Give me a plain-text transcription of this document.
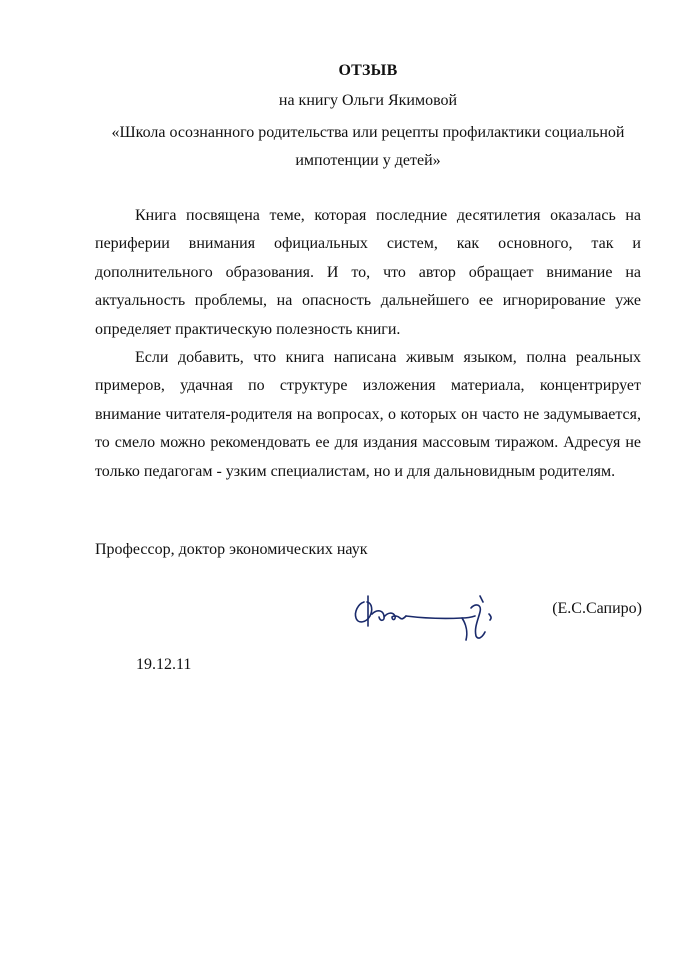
ОТЗЫВ
на книгу Ольги Якимовой
«Школа осознанного родительства или рецепты профилактики социальной импотенции у детей»

Книга посвящена теме, которая последние десятилетия оказалась на периферии внимания официальных систем, как основного, так и дополнительного образования. И то, что автор обращает внимание на актуальность проблемы, на опасность дальнейшего ее игнорирование уже определяет практическую полезность книги.

Если добавить, что книга написана живым языком, полна реальных примеров, удачная по структуре изложения материала, концентрирует внимание читателя-родителя на вопросах, о которых он часто не задумывается, то смело можно рекомендовать ее для издания массовым тиражом. Адресуя не только педагогам - узким специалистам, но и для дальновидным родителям.

Профессор, доктор экономических наук
(Е.С.Сапиро)
19.12.11
